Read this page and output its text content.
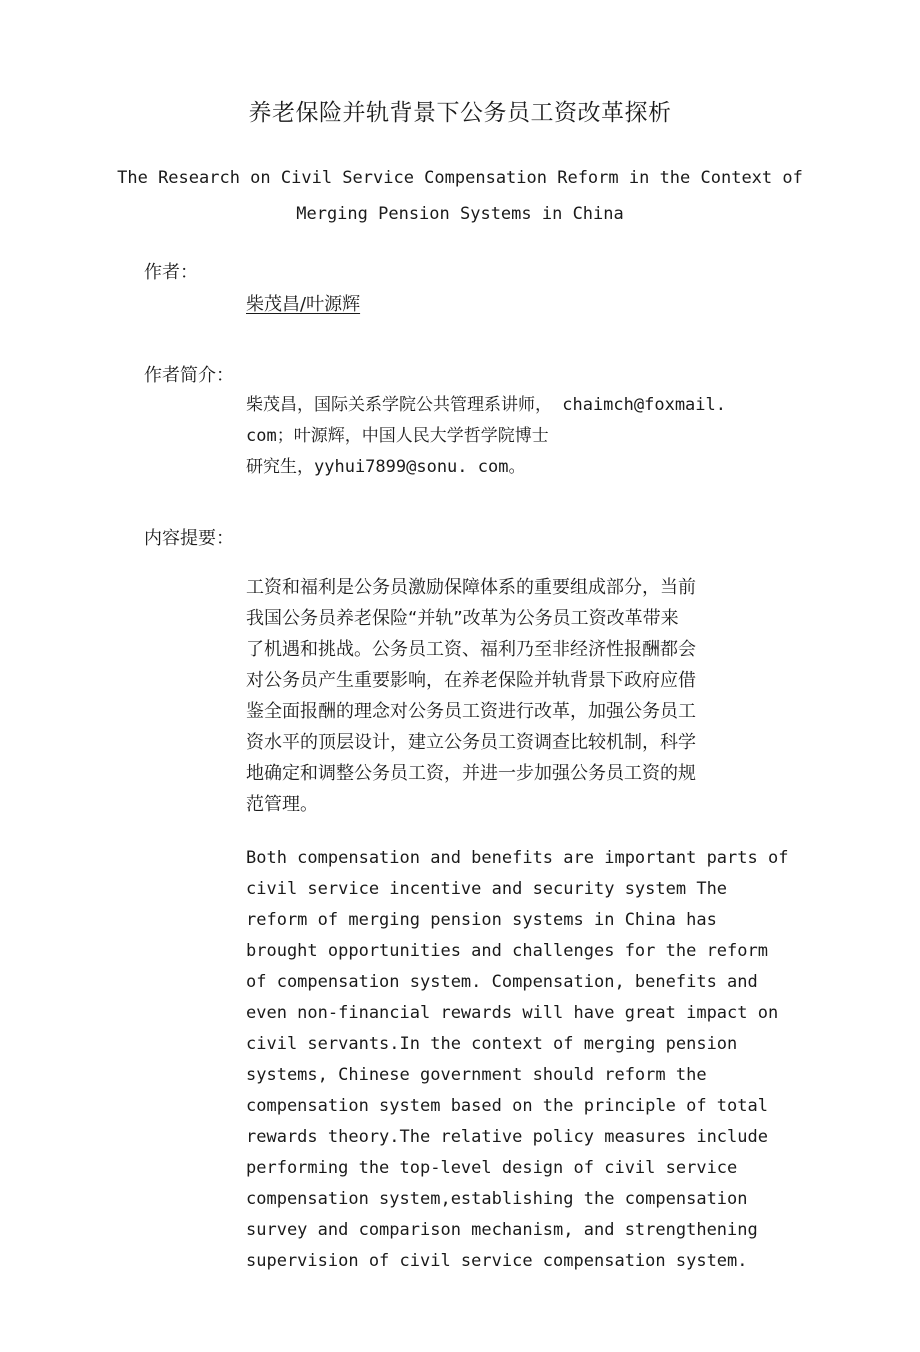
养老保险并轨背景下公务员工资改革探析
The Research on Civil Service Compensation Reform in the Context of
Merging Pension Systems in China
作者：
柴茂昌/叶源辉
作者简介：
柴茂昌，国际关系学院公共管理系讲师， chaimch@foxmail.
com；叶源辉，中国人民大学哲学院博士
研究生，yyhui7899@sonu. com。
内容提要：
工资和福利是公务员激励保障体系的重要组成部分，当前
我国公务员养老保险“并轨”改革为公务员工资改革带来
了机遇和挑战。公务员工资、福利乃至非经济性报酬都会
对公务员产生重要影响，在养老保险并轨背景下政府应借
鉴全面报酬的理念对公务员工资进行改革，加强公务员工
资水平的顶层设计，建立公务员工资调查比较机制，科学
地确定和调整公务员工资，并进一步加强公务员工资的规
范管理。
Both compensation and benefits are important parts of
civil service incentive and security system The
reform of merging pension systems in China has
brought opportunities and challenges for the reform
of compensation system. Compensation, benefits and
even non-financial rewards will have great impact on
civil servants.In the context of merging pension
systems, Chinese government should reform the
compensation system based on the principle of total
rewards theory.The relative policy measures include
performing the top-level design of civil service
compensation system,establishing the compensation
survey and comparison mechanism, and strengthening
supervision of civil service compensation system.
